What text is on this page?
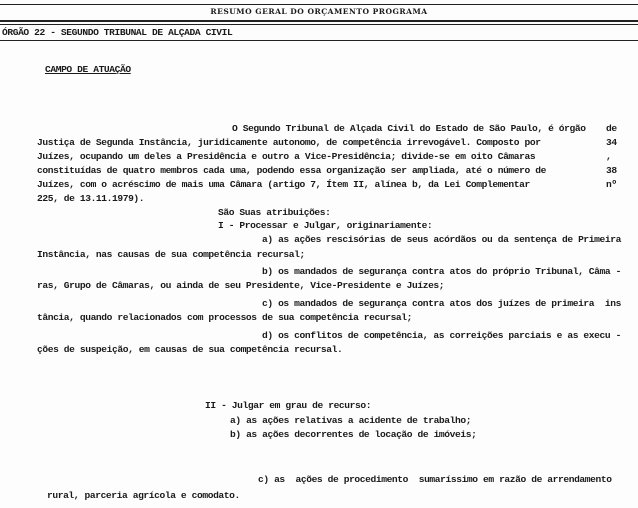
RESUMO GERAL DO ORÇAMENTO PROGRAMA
ÓRGÃO 22 - SEGUNDO TRIBUNAL DE ALÇADA CIVIL
CAMPO DE ATUAÇÃO
O Segundo Tribunal de Alçada Civil do Estado de São Paulo, é órgão de
Justiça de Segunda Instância, juridicamente autonomo, de competência irrevogável. Composto por	34
Juízes, ocupando um deles a Presidência e outro a Vice-Presidência; divide-se em oito Câmaras	,
constituídas de quatro membros cada uma, podendo essa organização ser ampliada, até o número de	38
Juízes, com o acréscimo de mais uma Câmara (artigo 7, Ítem II, alínea b, da Lei Complementar	nº
225, de 13.11.1979).
São Suas atribuições:
I - Processar e Julgar, originariamente:
a) as ações rescisórias de seus acórdãos ou da sentença de Primeira
Instância, nas causas de sua competência recursal;
b) os mandados de segurança contra atos do próprio Tribunal, Câma -
ras, Grupo de Câmaras, ou ainda de seu Presidente, Vice-Presidente e Juízes;
c) os mandados de segurança contra atos dos juízes de primeira  ins
tância, quando relacionados com processos de sua competência recursal;
d) os conflitos de competência, as correições parciais e as execu -
ções de suspeição, em causas de sua competência recursal.
II - Julgar em grau de recurso:
a) as ações relativas a acidente de trabalho;
b) as ações decorrentes de locação de imóveis;
c) as  ações de procedimento  sumaríssimo em razão de arrendamento
rural, parceria agrícola e comodato.
